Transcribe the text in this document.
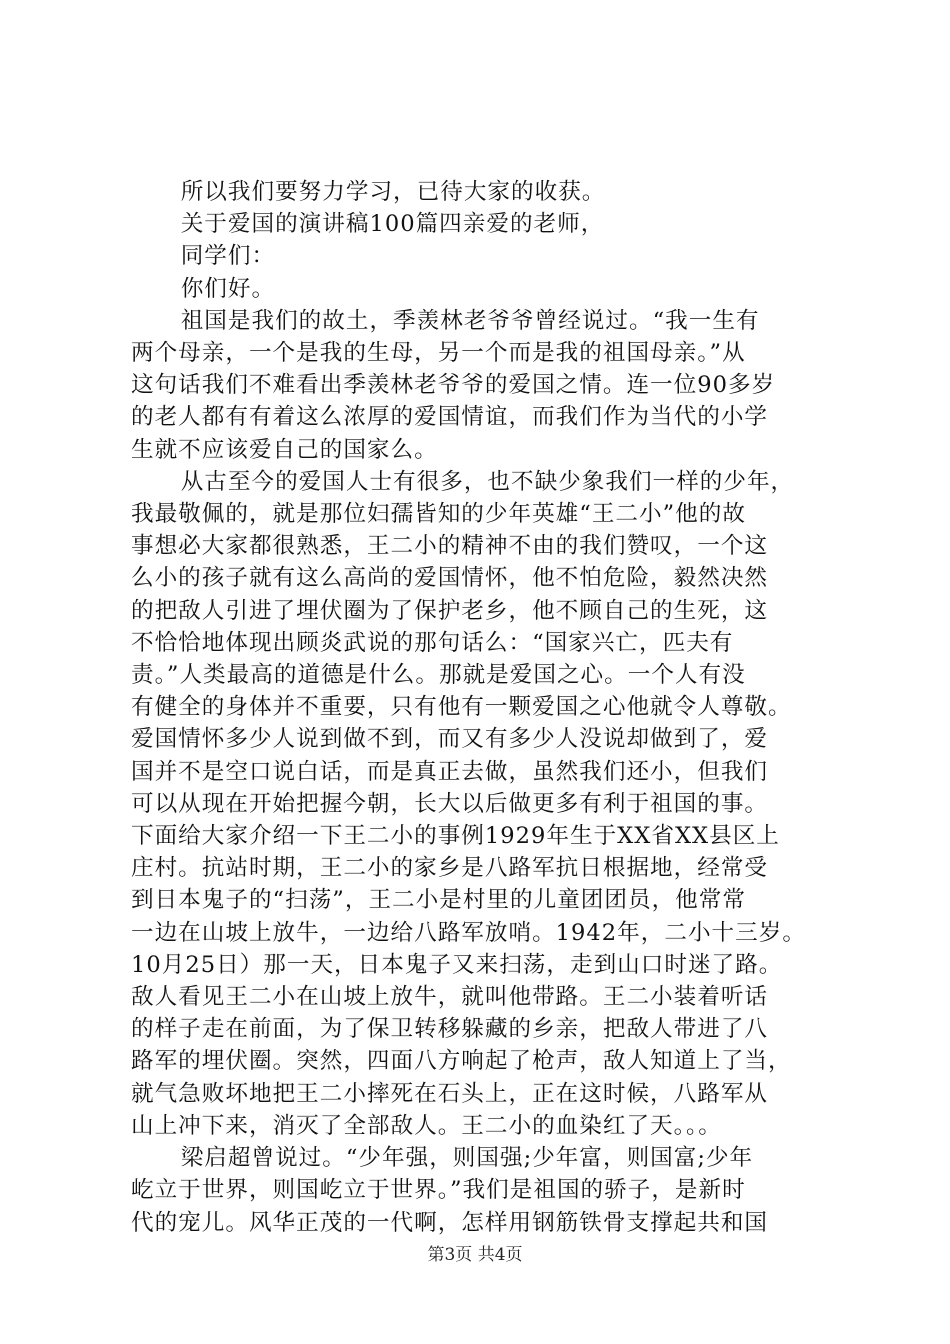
所以我们要努力学习，已待大家的收获。

关于爱国的演讲稿100篇四亲爱的老师，

同学们：

你们好。

祖国是我们的故土，季羡林老爷爷曾经说过。“我一生有
两个母亲，一个是我的生母，另一个而是我的祖国母亲。”从
这句话我们不难看出季羡林老爷爷的爱国之情。连一位90多岁
的老人都有有着这么浓厚的爱国情谊，而我们作为当代的小学
生就不应该爱自己的国家么。

从古至今的爱国人士有很多，也不缺少象我们一样的少年，
我最敬佩的，就是那位妇孺皆知的少年英雄“王二小”他的故
事想必大家都很熟悉，王二小的精神不由的我们赞叹，一个这
么小的孩子就有这么高尚的爱国情怀，他不怕危险，毅然决然
的把敌人引进了埋伏圈为了保护老乡，他不顾自己的生死，这
不恰恰地体现出顾炎武说的那句话么：“国家兴亡，匹夫有
责。”人类最高的道德是什么。那就是爱国之心。一个人有没
有健全的身体并不重要，只有他有一颗爱国之心他就令人尊敬。
爱国情怀多少人说到做不到，而又有多少人没说却做到了，爱
国并不是空口说白话，而是真正去做，虽然我们还小，但我们
可以从现在开始把握今朝，长大以后做更多有利于祖国的事。
下面给大家介绍一下王二小的事例1929年生于XX省XX县区上
庄村。抗站时期，王二小的家乡是八路军抗日根据地，经常受
到日本鬼子的“扫荡”，王二小是村里的儿童团团员，他常常
一边在山坡上放牛，一边给八路军放哨。1942年，二小十三岁。
10月25日）那一天，日本鬼子又来扫荡，走到山口时迷了路。
敌人看见王二小在山坡上放牛，就叫他带路。王二小装着听话
的样子走在前面，为了保卫转移躲藏的乡亲，把敌人带进了八
路军的埋伏圈。突然，四面八方响起了枪声，敌人知道上了当，
就气急败坏地把王二小摔死在石头上，正在这时候，八路军从
山上冲下来，消灭了全部敌人。王二小的血染红了天。。。

梁启超曾说过。“少年强，则国强;少年富，则国富;少年
屹立于世界，则国屹立于世界。”我们是祖国的骄子，是新时
代的宠儿。风华正茂的一代啊，怎样用钢筋铁骨支撑起共和国

第3页 共4页
